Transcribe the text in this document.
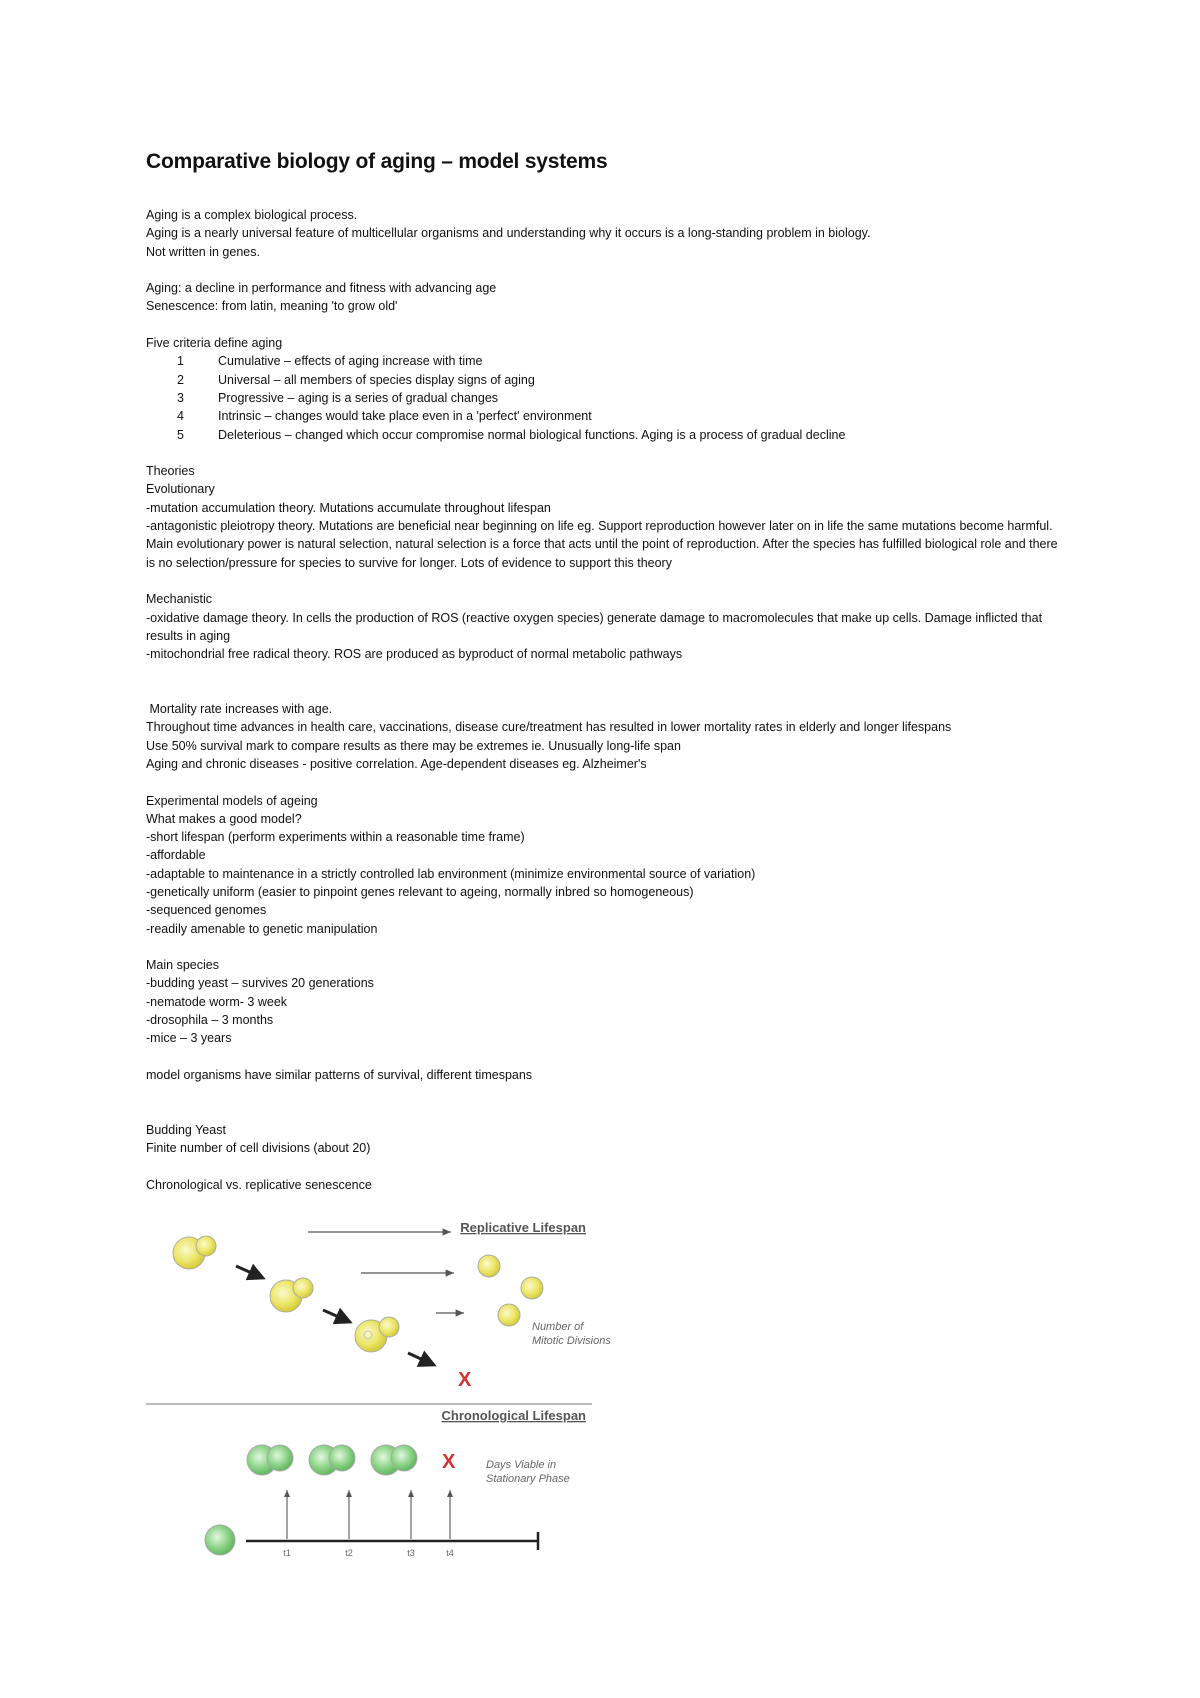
Comparative biology of aging – model systems
Aging is a complex biological process.
Aging is a nearly universal feature of multicellular organisms and understanding why it occurs is a long-standing problem in biology.
Not written in genes.
Aging: a decline in performance and fitness with advancing age
Senescence: from latin, meaning 'to grow old'
Five criteria define aging
1	Cumulative – effects of aging increase with time
2	Universal – all members of species display signs of aging
3	Progressive – aging is a series of gradual changes
4	Intrinsic – changes would take place even in a 'perfect' environment
5	Deleterious – changed which occur compromise normal biological functions. Aging is a process of gradual decline
Theories
Evolutionary
-mutation accumulation theory. Mutations accumulate throughout lifespan
-antagonistic pleiotropy theory. Mutations are beneficial near beginning on life eg. Support reproduction however later on in life the same mutations become harmful. Main evolutionary power is natural selection, natural selection is a force that acts until the point of reproduction. After the species has fulfilled biological role and there is no selection/pressure for species to survive for longer. Lots of evidence to support this theory
Mechanistic
-oxidative damage theory. In cells the production of ROS (reactive oxygen species) generate damage to macromolecules that make up cells. Damage inflicted that results in aging
-mitochondrial free radical theory. ROS are produced as byproduct of normal metabolic pathways
Mortality rate increases with age.
Throughout time advances in health care, vaccinations, disease cure/treatment has resulted in lower mortality rates in elderly and longer lifespans
Use 50% survival mark to compare results as there may be extremes ie. Unusually long-life span
Aging and chronic diseases - positive correlation. Age-dependent diseases eg. Alzheimer's
Experimental models of ageing
What makes a good model?
-short lifespan (perform experiments within a reasonable time frame)
-affordable
-adaptable to maintenance in a strictly controlled lab environment (minimize environmental source of variation)
-genetically uniform (easier to pinpoint genes relevant to ageing, normally inbred so homogeneous)
-sequenced genomes
-readily amenable to genetic manipulation
Main species
-budding yeast – survives 20 generations
-nematode worm- 3 week
-drosophila – 3 months
-mice – 3 years
model organisms have similar patterns of survival, different timespans
Budding Yeast
Finite number of cell divisions (about 20)
Chronological vs. replicative senescence
Replicative Lifespan
X
Number of
Mitotic Divisions
Chronological Lifespan
X	Days Viable in
Stationary Phase
t1	t2	t3	t4
